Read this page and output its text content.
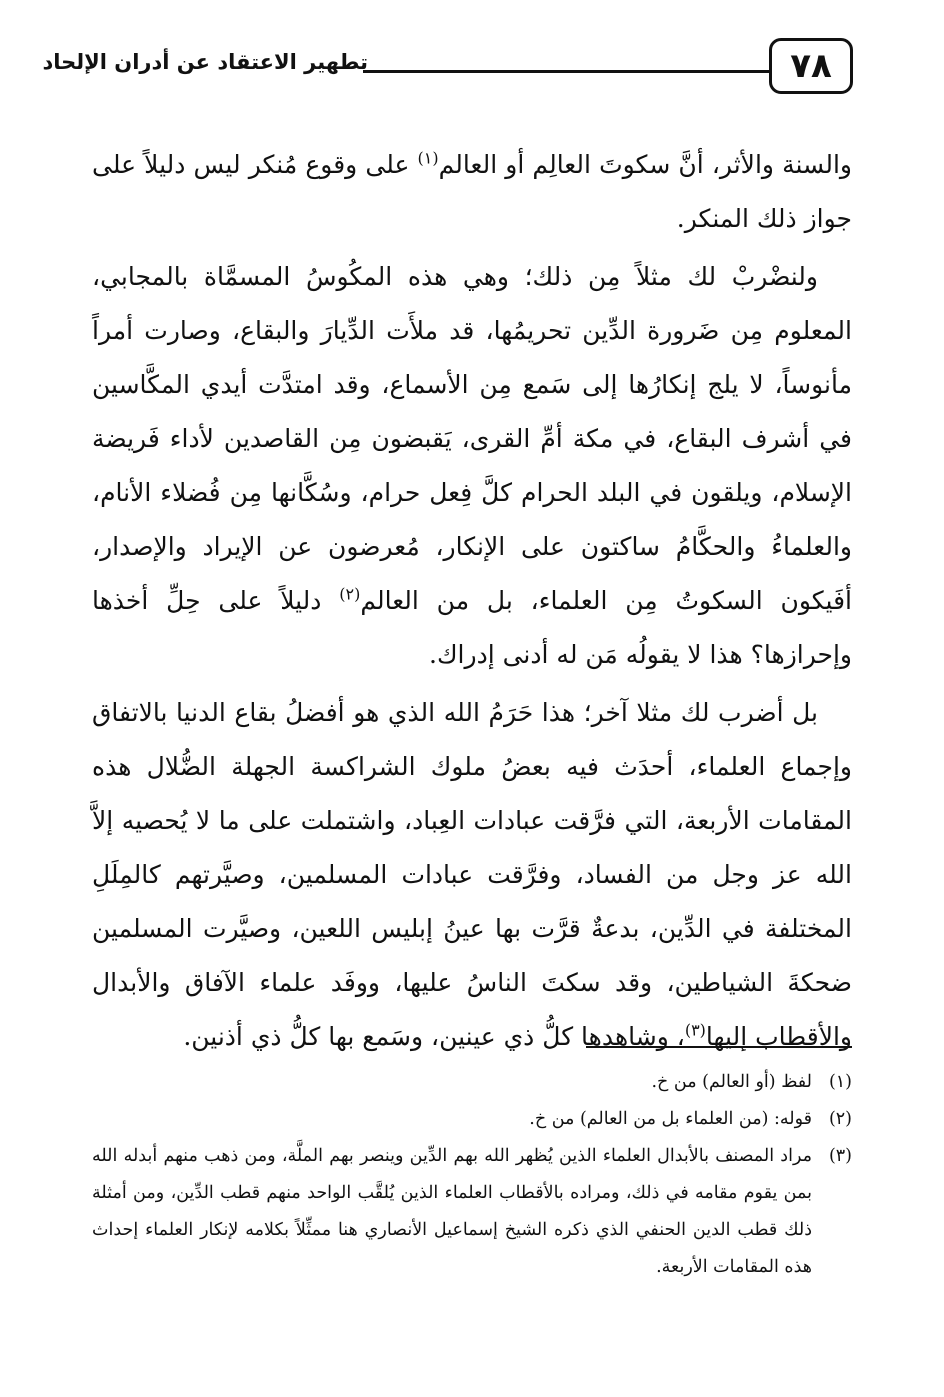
٧٨
تطهير الاعتقاد عن أدران الإلحاد

والسنة والأثر، أنَّ سكوتَ العالِم أو العالم$^{(١)}$ على وقوع مُنكر ليس دليلاً على جواز ذلك المنكر.

ولنضْربْ لك مثلاً مِن ذلك؛ وهي هذه المكُوسُ المسمَّاة بالمجابي، المعلوم مِن ضَرورة الدِّين تحريمُها، قد ملأَت الدِّيارَ والبقاع، وصارت أمراً مأنوساً، لا يلج إنكارُها إلى سَمع مِن الأسماع، وقد امتدَّت أيدي المكَّاسين في أشرف البقاع، في مكة أمِّ القرى، يَقبضون مِن القاصدين لأداء فَريضة الإسلام، ويلقون في البلد الحرام كلَّ فِعل حرام، وسُكَّانها مِن فُضلاء الأنام، والعلماءُ والحكَّامُ ساكتون على الإنكار، مُعرضون عن الإيراد والإصدار، أفَيكون السكوتُ مِن العلماء، بل من العالم$^{(٢)}$ دليلاً على حِلِّ أخذها وإحرازها؟ هذا لا يقولُه مَن له أدنى إدراك.

بل أضرب لك مثلا آخر؛ هذا حَرَمُ الله الذي هو أفضلُ بقاع الدنيا بالاتفاق وإجماع العلماء، أحدَث فيه بعضُ ملوك الشراكسة الجهلة الضُّلال هذه المقامات الأربعة، التي فرَّقت عبادات العِباد، واشتملت على ما لا يُحصيه إلاَّ الله عز وجل من الفساد، وفرَّقت عبادات المسلمين، وصيَّرتهم كالمِلَلِ المختلفة في الدِّين، بدعةٌ قرَّت بها عينُ إبليس اللعين، وصيَّرت المسلمين ضحكةَ الشياطين، وقد سكتَ الناسُ عليها، ووفَد علماء الآفاق والأبدال والأقطاب إليها$^{(٣)}$، وشاهدها كلُّ ذي عينين، وسَمع بها كلُّ ذي أذنين.

(١)لفظ (أو العالم) من خ.

(٢)قوله: (من العلماء بل من العالم) من خ.

(٣)مراد المصنف بالأبدال العلماء الذين يُظهر الله بهم الدِّين وينصر بهم الملَّة، ومن ذهب منهم أبدله الله بمن يقوم مقامه في ذلك، ومراده بالأقطاب العلماء الذين يُلقَّب الواحد منهم قطب الدِّين، ومن أمثلة ذلك قطب الدين الحنفي الذي ذكره الشيخ إسماعيل الأنصاري هنا ممثِّلاً بكلامه لإنكار العلماء إحداث هذه المقامات الأربعة.
